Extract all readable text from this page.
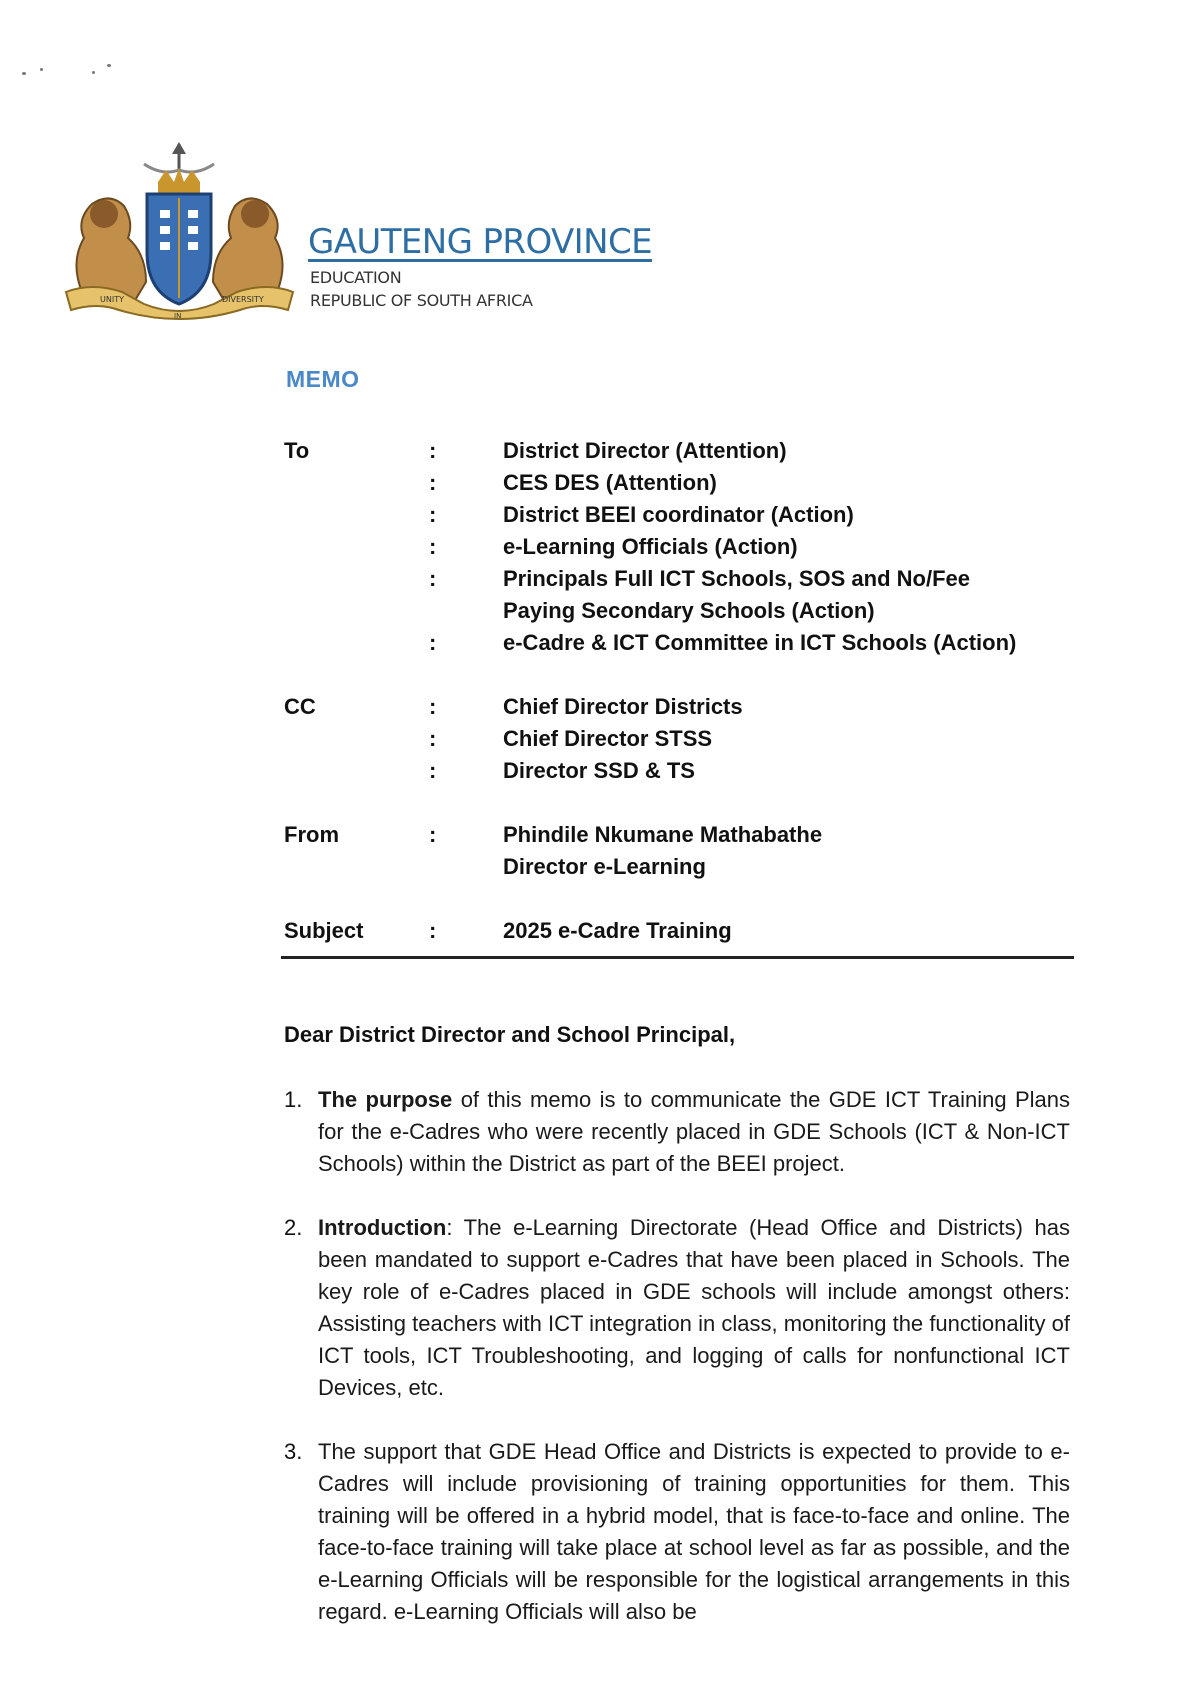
UNITY
IN
DIVERSITY
GAUTENG PROVINCE
EDUCATION
REPUBLIC OF SOUTH AFRICA
MEMO
To	:	District Director (Attention)
:	CES DES (Attention)
:	District BEEI coordinator (Action)
:	e-Learning Officials (Action)
:	Principals Full ICT Schools, SOS and No/Fee
Paying Secondary Schools (Action)
:	e-Cadre & ICT Committee in ICT Schools (Action)
CC	:	Chief Director Districts
:	Chief Director STSS
:	Director SSD & TS
From	:	Phindile Nkumane Mathabathe
Director e-Learning
Subject	:	2025 e-Cadre Training
Dear District Director and School Principal,
1. The purpose of this memo is to communicate the GDE ICT Training Plans for the e-Cadres who were recently placed in GDE Schools (ICT & Non-ICT Schools) within the District as part of the BEEI project.
2. Introduction: The e-Learning Directorate (Head Office and Districts) has been mandated to support e-Cadres that have been placed in Schools. The key role of e-Cadres placed in GDE schools will include amongst others: Assisting teachers with ICT integration in class, monitoring the functionality of ICT tools, ICT Troubleshooting, and logging of calls for nonfunctional ICT Devices, etc.
3. The support that GDE Head Office and Districts is expected to provide to e-Cadres will include provisioning of training opportunities for them. This training will be offered in a hybrid model, that is face-to-face and online. The face-to-face training will take place at school level as far as possible, and the e-Learning Officials will be responsible for the logistical arrangements in this regard. e-Learning Officials will also be
